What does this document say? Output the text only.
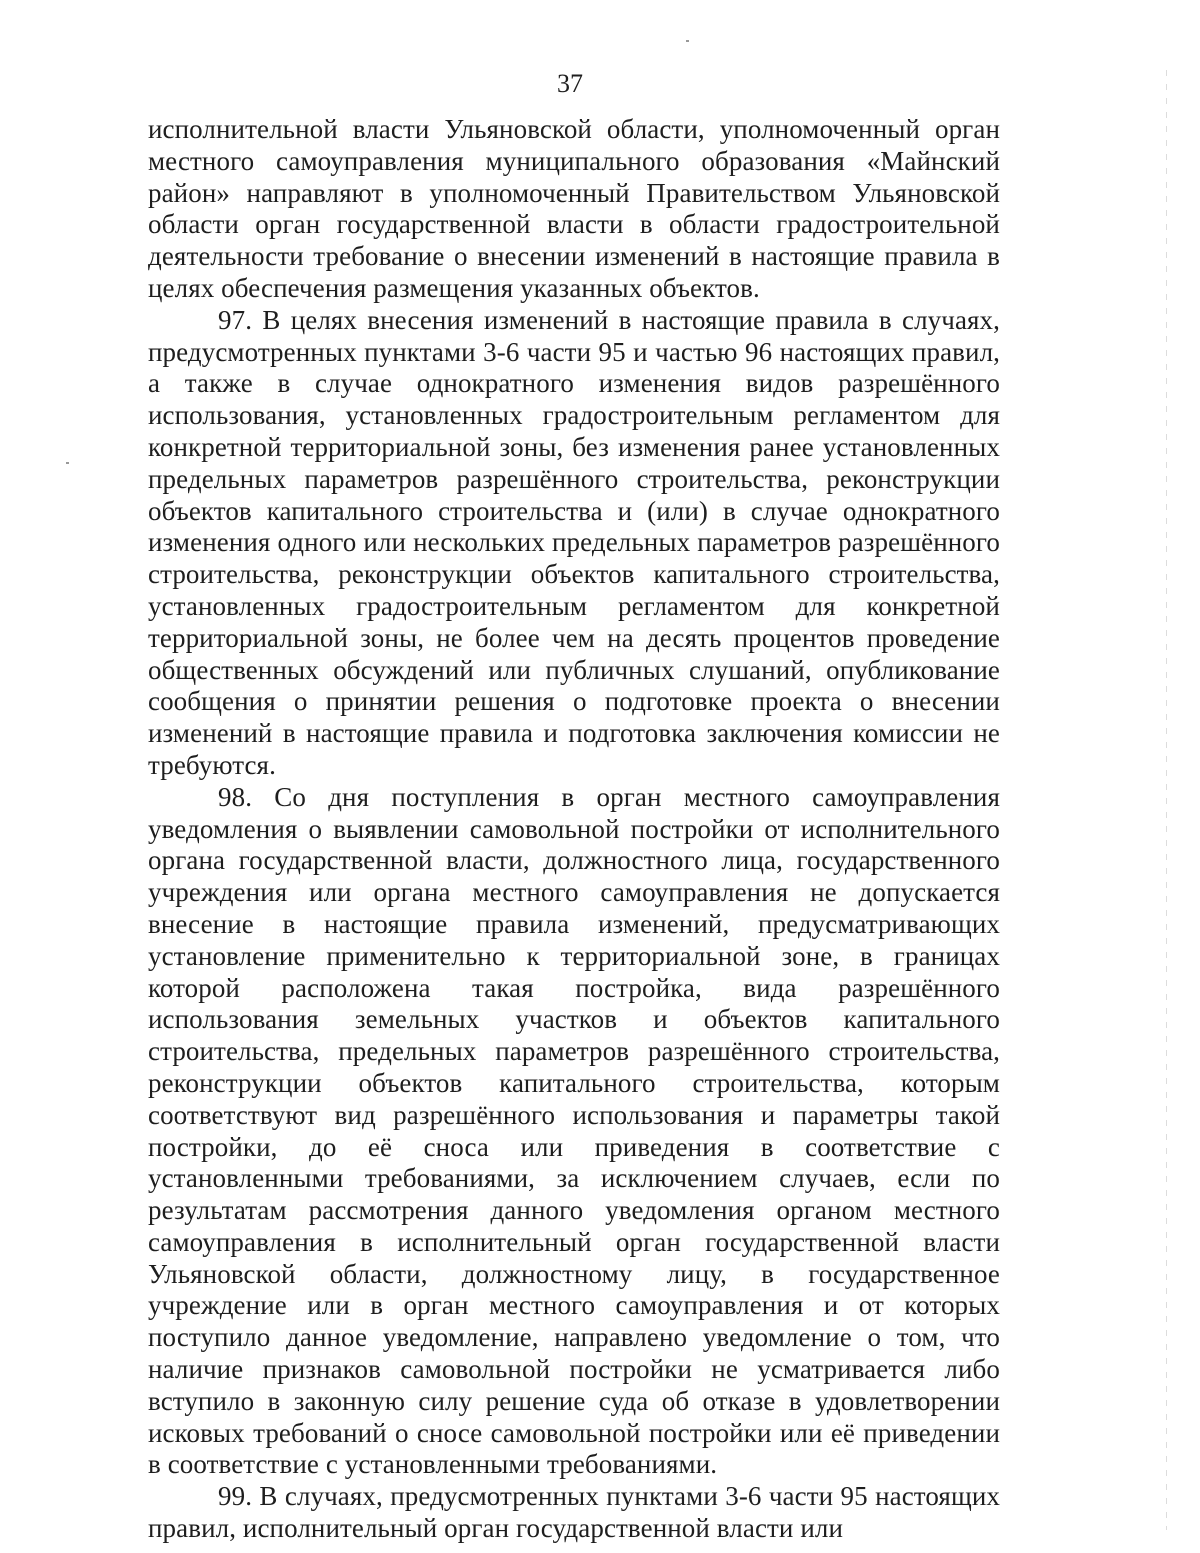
37

исполнительной власти Ульяновской области, уполномоченный орган местного самоуправления муниципального образования «Майнский район» направляют в уполномоченный Правительством Ульяновской области орган государственной власти в области градостроительной деятельности требование о внесении изменений в настоящие правила в целях обеспечения размещения указанных объектов.

97. В целях внесения изменений в настоящие правила в случаях, предусмотренных пунктами 3-6 части 95 и частью 96 настоящих правил, а также в случае однократного изменения видов разрешённого использования, установленных градостроительным регламентом для конкретной территориальной зоны, без изменения ранее установленных предельных параметров разрешённого строительства, реконструкции объектов капитального строительства и (или) в случае однократного изменения одного или нескольких предельных параметров разрешённого строительства, реконструкции объектов капитального строительства, установленных градостроительным регламентом для конкретной территориальной зоны, не более чем на десять процентов проведение общественных обсуждений или публичных слушаний, опубликование сообщения о принятии решения о подготовке проекта о внесении изменений в настоящие правила и подготовка заключения комиссии не требуются.

98. Со дня поступления в орган местного самоуправления уведомления о выявлении самовольной постройки от исполнительного органа государственной власти, должностного лица, государственного учреждения или органа местного самоуправления не допускается внесение в настоящие правила изменений, предусматривающих установление применительно к территориальной зоне, в границах которой расположена такая постройка, вида разрешённого использования земельных участков и объектов капитального строительства, предельных параметров разрешённого строительства, реконструкции объектов капитального строительства, которым соответствуют вид разрешённого использования и параметры такой постройки, до её сноса или приведения в соответствие с установленными требованиями, за исключением случаев, если по результатам рассмотрения данного уведомления органом местного самоуправления в исполнительный орган государственной власти Ульяновской области, должностному лицу, в государственное учреждение или в орган местного самоуправления и от которых поступило данное уведомление, направлено уведомление о том, что наличие признаков самовольной постройки не усматривается либо вступило в законную силу решение суда об отказе в удовлетворении исковых требований о сносе самовольной постройки или её приведении в соответствие с установленными требованиями.

99. В случаях, предусмотренных пунктами 3-6 части 95 настоящих правил, исполнительный орган государственной власти или
